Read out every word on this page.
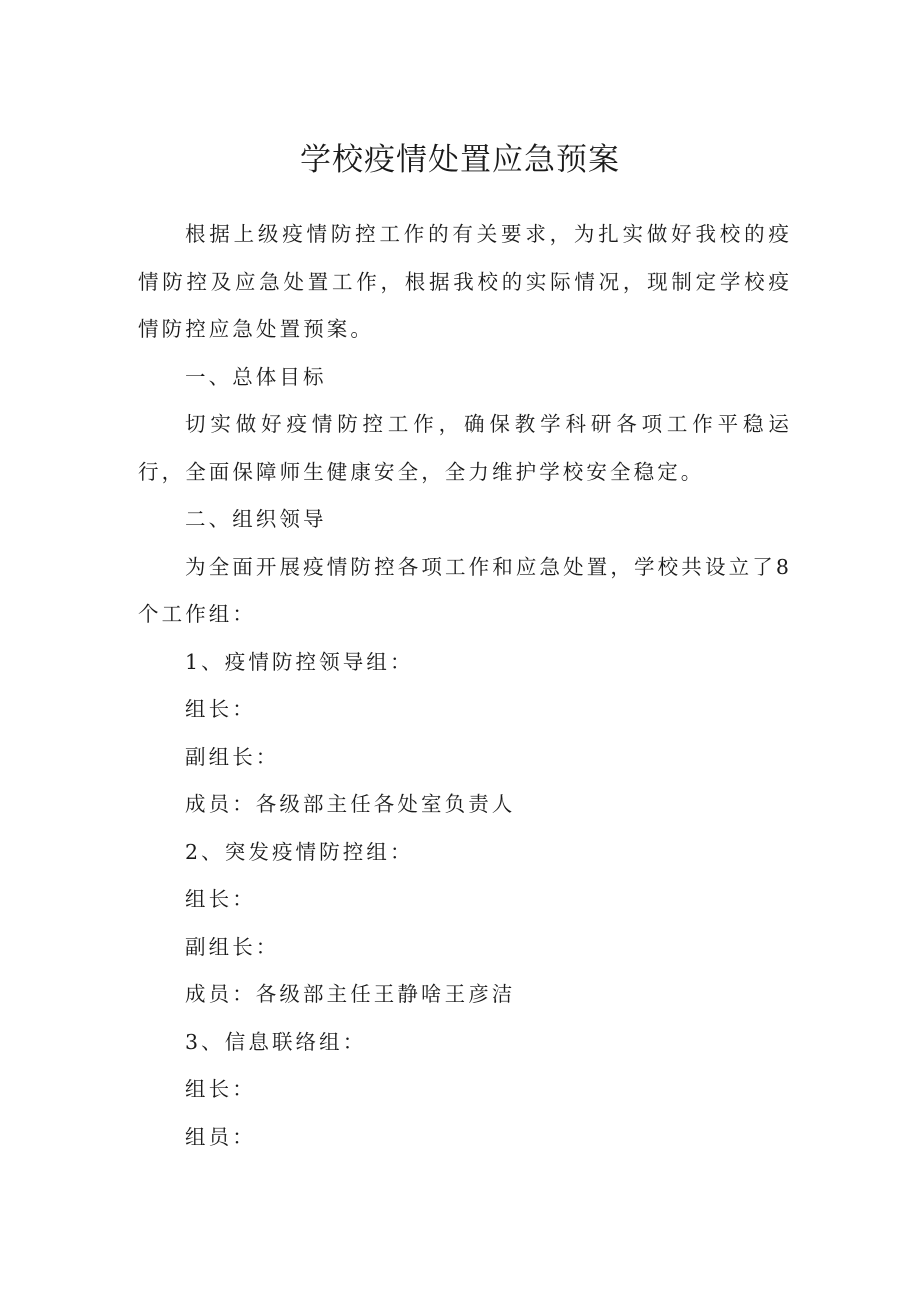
学校疫情处置应急预案

根据上级疫情防控工作的有关要求，为扎实做好我校的疫情防控及应急处置工作，根据我校的实际情况，现制定学校疫情防控应急处置预案。

一、总体目标

切实做好疫情防控工作，确保教学科研各项工作平稳运行，全面保障师生健康安全，全力维护学校安全稳定。

二、组织领导

为全面开展疫情防控各项工作和应急处置，学校共设立了8个工作组：

1、疫情防控领导组：

组长：

副组长：

成员：各级部主任各处室负责人

2、突发疫情防控组：

组长：

副组长：

成员：各级部主任王静啥王彦洁

3、信息联络组：

组长：

组员：
